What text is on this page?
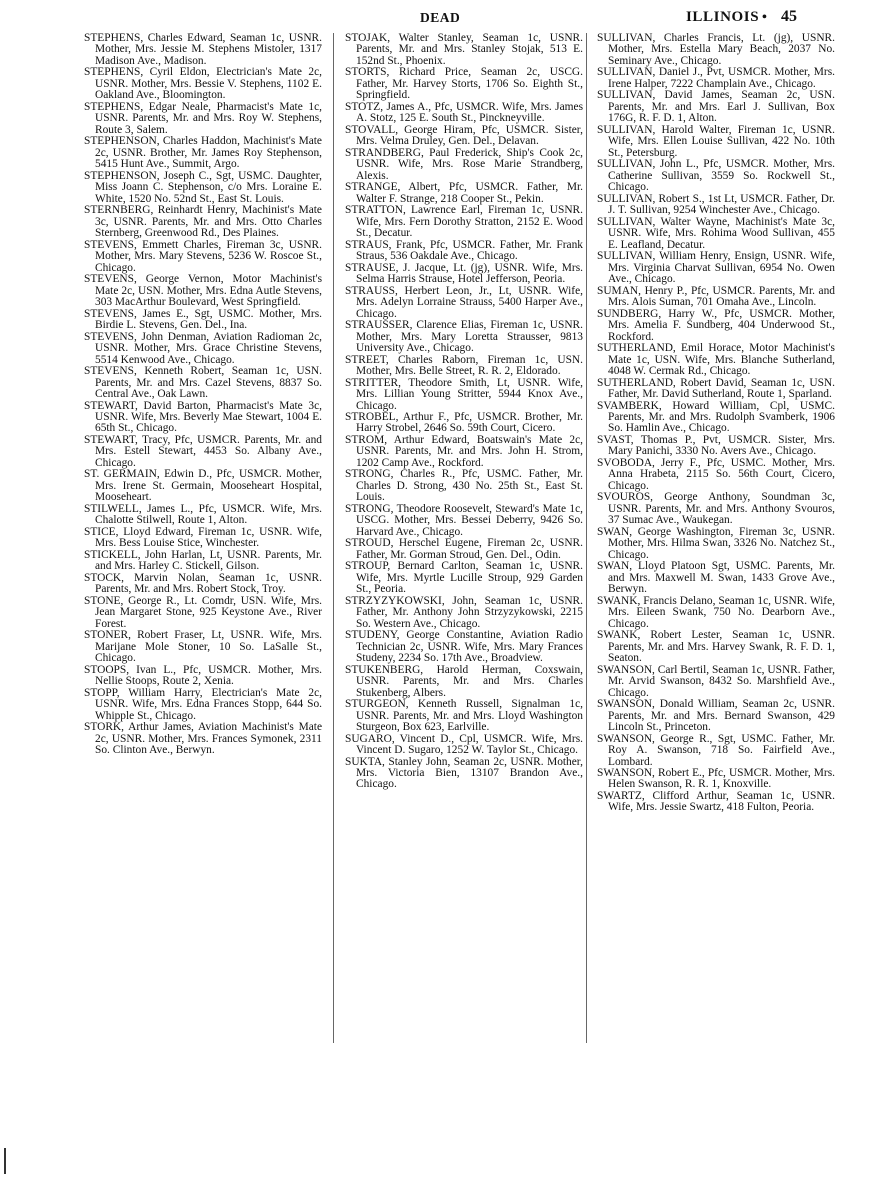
DEAD	ILLINOIS • 45

STEPHENS, Charles Edward, Seaman 1c, USNR. Mother, Mrs. Jessie M. Stephens Mistoler, 1317 Madison Ave., Madison.

STEPHENS, Cyril Eldon, Electrician's Mate 2c, USNR. Mother, Mrs. Bessie V. Stephens, 1102 E. Oakland Ave., Bloomington.

STEPHENS, Edgar Neale, Pharmacist's Mate 1c, USNR. Parents, Mr. and Mrs. Roy W. Stephens, Route 3, Salem.

STEPHENSON, Charles Haddon, Machinist's Mate 2c, USNR. Brother, Mr. James Roy Stephenson, 5415 Hunt Ave., Summit, Argo.

STEPHENSON, Joseph C., Sgt, USMC. Daughter, Miss Joann C. Stephenson, c/o Mrs. Loraine E. White, 1520 No. 52nd St., East St. Louis.

STERNBERG, Reinhardt Henry, Machinist's Mate 3c, USNR. Parents, Mr. and Mrs. Otto Charles Sternberg, Greenwood Rd., Des Plaines.

STEVENS, Emmett Charles, Fireman 3c, USNR. Mother, Mrs. Mary Stevens, 5236 W. Roscoe St., Chicago.

STEVENS, George Vernon, Motor Machinist's Mate 2c, USN. Mother, Mrs. Edna Autle Stevens, 303 MacArthur Boulevard, West Springfield.

STEVENS, James E., Sgt, USMC. Mother, Mrs. Birdie L. Stevens, Gen. Del., Ina.

STEVENS, John Denman, Aviation Radioman 2c, USNR. Mother, Mrs. Grace Christine Stevens, 5514 Kenwood Ave., Chicago.

STEVENS, Kenneth Robert, Seaman 1c, USN. Parents, Mr. and Mrs. Cazel Stevens, 8837 So. Central Ave., Oak Lawn.

STEWART, David Barton, Pharmacist's Mate 3c, USNR. Wife, Mrs. Beverly Mae Stewart, 1004 E. 65th St., Chicago.

STEWART, Tracy, Pfc, USMCR. Parents, Mr. and Mrs. Estell Stewart, 4453 So. Albany Ave., Chicago.

ST. GERMAIN, Edwin D., Pfc, USMCR. Mother, Mrs. Irene St. Germain, Mooseheart Hospital, Mooseheart.

STILWELL, James L., Pfc, USMCR. Wife, Mrs. Chalotte Stilwell, Route 1, Alton.

STICE, Lloyd Edward, Fireman 1c, USNR. Wife, Mrs. Bess Louise Stice, Winchester.

STICKELL, John Harlan, Lt, USNR. Parents, Mr. and Mrs. Harley C. Stickell, Gilson.

STOCK, Marvin Nolan, Seaman 1c, USNR. Parents, Mr. and Mrs. Robert Stock, Troy.

STONE, George R., Lt. Comdr, USN. Wife, Mrs. Jean Margaret Stone, 925 Keystone Ave., River Forest.

STONER, Robert Fraser, Lt, USNR. Wife, Mrs. Marijane Mole Stoner, 10 So. LaSalle St., Chicago.

STOOPS, Ivan L., Pfc, USMCR. Mother, Mrs. Nellie Stoops, Route 2, Xenia.

STOPP, William Harry, Electrician's Mate 2c, USNR. Wife, Mrs. Edna Frances Stopp, 644 So. Whipple St., Chicago.

STORK, Arthur James, Aviation Machinist's Mate 2c, USNR. Mother, Mrs. Frances Symonek, 2311 So. Clinton Ave., Berwyn.

STOJAK, Walter Stanley, Seaman 1c, USNR. Parents, Mr. and Mrs. Stanley Stojak, 513 E. 152nd St., Phoenix.

STORTS, Richard Price, Seaman 2c, USCG. Father, Mr. Harvey Storts, 1706 So. Eighth St., Springfield.

STOTZ, James A., Pfc, USMCR. Wife, Mrs. James A. Stotz, 125 E. South St., Pinckneyville.

STOVALL, George Hiram, Pfc, USMCR. Sister, Mrs. Velma Druley, Gen. Del., Delavan.

STRANDBERG, Paul Frederick, Ship's Cook 2c, USNR. Wife, Mrs. Rose Marie Strandberg, Alexis.

STRANGE, Albert, Pfc, USMCR. Father, Mr. Walter F. Strange, 218 Cooper St., Pekin.

STRATTON, Lawrence Earl, Fireman 1c, USNR. Wife, Mrs. Fern Dorothy Stratton, 2152 E. Wood St., Decatur.

STRAUS, Frank, Pfc, USMCR. Father, Mr. Frank Straus, 536 Oakdale Ave., Chicago.

STRAUSE, J. Jacque, Lt. (jg), USNR. Wife, Mrs. Selma Harris Strause, Hotel Jefferson, Peoria.

STRAUSS, Herbert Leon, Jr., Lt, USNR. Wife, Mrs. Adelyn Lorraine Strauss, 5400 Harper Ave., Chicago.

STRAUSSER, Clarence Elias, Fireman 1c, USNR. Mother, Mrs. Mary Loretta Strausser, 9813 University Ave., Chicago.

STREET, Charles Raborn, Fireman 1c, USN. Mother, Mrs. Belle Street, R. R. 2, Eldorado.

STRITTER, Theodore Smith, Lt, USNR. Wife, Mrs. Lillian Young Stritter, 5944 Knox Ave., Chicago.

STROBEL, Arthur F., Pfc, USMCR. Brother, Mr. Harry Strobel, 2646 So. 59th Court, Cicero.

STROM, Arthur Edward, Boatswain's Mate 2c, USNR. Parents, Mr. and Mrs. John H. Strom, 1202 Camp Ave., Rockford.

STRONG, Charles R., Pfc, USMC. Father, Mr. Charles D. Strong, 430 No. 25th St., East St. Louis.

STRONG, Theodore Roosevelt, Steward's Mate 1c, USCG. Mother, Mrs. Bessei Deberry, 9426 So. Harvard Ave., Chicago.

STROUD, Herschel Eugene, Fireman 2c, USNR. Father, Mr. Gorman Stroud, Gen. Del., Odin.

STROUP, Bernard Carlton, Seaman 1c, USNR. Wife, Mrs. Myrtle Lucille Stroup, 929 Garden St., Peoria.

STRZYZYKOWSKI, John, Seaman 1c, USNR. Father, Mr. Anthony John Strzyzykowski, 2215 So. Western Ave., Chicago.

STUDENY, George Constantine, Aviation Radio Technician 2c, USNR. Wife, Mrs. Mary Frances Studeny, 2234 So. 17th Ave., Broadview.

STUKENBERG, Harold Herman, Coxswain, USNR. Parents, Mr. and Mrs. Charles Stukenberg, Albers.

STURGEON, Kenneth Russell, Signalman 1c, USNR. Parents, Mr. and Mrs. Lloyd Washington Sturgeon, Box 623, Earlville.

SUGARO, Vincent D., Cpl, USMCR. Wife, Mrs. Vincent D. Sugaro, 1252 W. Taylor St., Chicago.

SUKTA, Stanley John, Seaman 2c, USNR. Mother, Mrs. Victoria Bien, 13107 Brandon Ave., Chicago.

SULLIVAN, Charles Francis, Lt. (jg), USNR. Mother, Mrs. Estella Mary Beach, 2037 No. Seminary Ave., Chicago.

SULLIVAN, Daniel J., Pvt, USMCR. Mother, Mrs. Irene Halper, 7222 Champlain Ave., Chicago.

SULLIVAN, David James, Seaman 2c, USN. Parents, Mr. and Mrs. Earl J. Sullivan, Box 176G, R. F. D. 1, Alton.

SULLIVAN, Harold Walter, Fireman 1c, USNR. Wife, Mrs. Ellen Louise Sullivan, 422 No. 10th St., Petersburg.

SULLIVAN, John L., Pfc, USMCR. Mother, Mrs. Catherine Sullivan, 3559 So. Rockwell St., Chicago.

SULLIVAN, Robert S., 1st Lt, USMCR. Father, Dr. J. T. Sullivan, 9254 Winchester Ave., Chicago.

SULLIVAN, Walter Wayne, Machinist's Mate 3c, USNR. Wife, Mrs. Rohima Wood Sullivan, 455 E. Leafland, Decatur.

SULLIVAN, William Henry, Ensign, USNR. Wife, Mrs. Virginia Charvat Sullivan, 6954 No. Owen Ave., Chicago.

SUMAN, Henry P., Pfc, USMCR. Parents, Mr. and Mrs. Alois Suman, 701 Omaha Ave., Lincoln.

SUNDBERG, Harry W., Pfc, USMCR. Mother, Mrs. Amelia F. Sundberg, 404 Underwood St., Rockford.

SUTHERLAND, Emil Horace, Motor Machinist's Mate 1c, USN. Wife, Mrs. Blanche Sutherland, 4048 W. Cermak Rd., Chicago.

SUTHERLAND, Robert David, Seaman 1c, USN. Father, Mr. David Sutherland, Route 1, Sparland.

SVAMBERK, Howard William, Cpl, USMC. Parents, Mr. and Mrs. Rudolph Svamberk, 1906 So. Hamlin Ave., Chicago.

SVAST, Thomas P., Pvt, USMCR. Sister, Mrs. Mary Panichi, 3330 No. Avers Ave., Chicago.

SVOBODA, Jerry F., Pfc, USMC. Mother, Mrs. Anna Hrabeta, 2115 So. 56th Court, Cicero, Chicago.

SVOUROS, George Anthony, Soundman 3c, USNR. Parents, Mr. and Mrs. Anthony Svouros, 37 Sumac Ave., Waukegan.

SWAN, George Washington, Fireman 3c, USNR. Mother, Mrs. Hilma Swan, 3326 No. Natchez St., Chicago.

SWAN, Lloyd Platoon Sgt, USMC. Parents, Mr. and Mrs. Maxwell M. Swan, 1433 Grove Ave., Berwyn.

SWANK, Francis Delano, Seaman 1c, USNR. Wife, Mrs. Eileen Swank, 750 No. Dearborn Ave., Chicago.

SWANK, Robert Lester, Seaman 1c, USNR. Parents, Mr. and Mrs. Harvey Swank, R. F. D. 1, Seaton.

SWANSON, Carl Bertil, Seaman 1c, USNR. Father, Mr. Arvid Swanson, 8432 So. Marshfield Ave., Chicago.

SWANSON, Donald William, Seaman 2c, USNR. Parents, Mr. and Mrs. Bernard Swanson, 429 Lincoln St., Princeton.

SWANSON, George R., Sgt, USMC. Father, Mr. Roy A. Swanson, 718 So. Fairfield Ave., Lombard.

SWANSON, Robert E., Pfc, USMCR. Mother, Mrs. Helen Swanson, R. R. 1, Knoxville.

SWARTZ, Clifford Arthur, Seaman 1c, USNR. Wife, Mrs. Jessie Swartz, 418 Fulton, Peoria.
